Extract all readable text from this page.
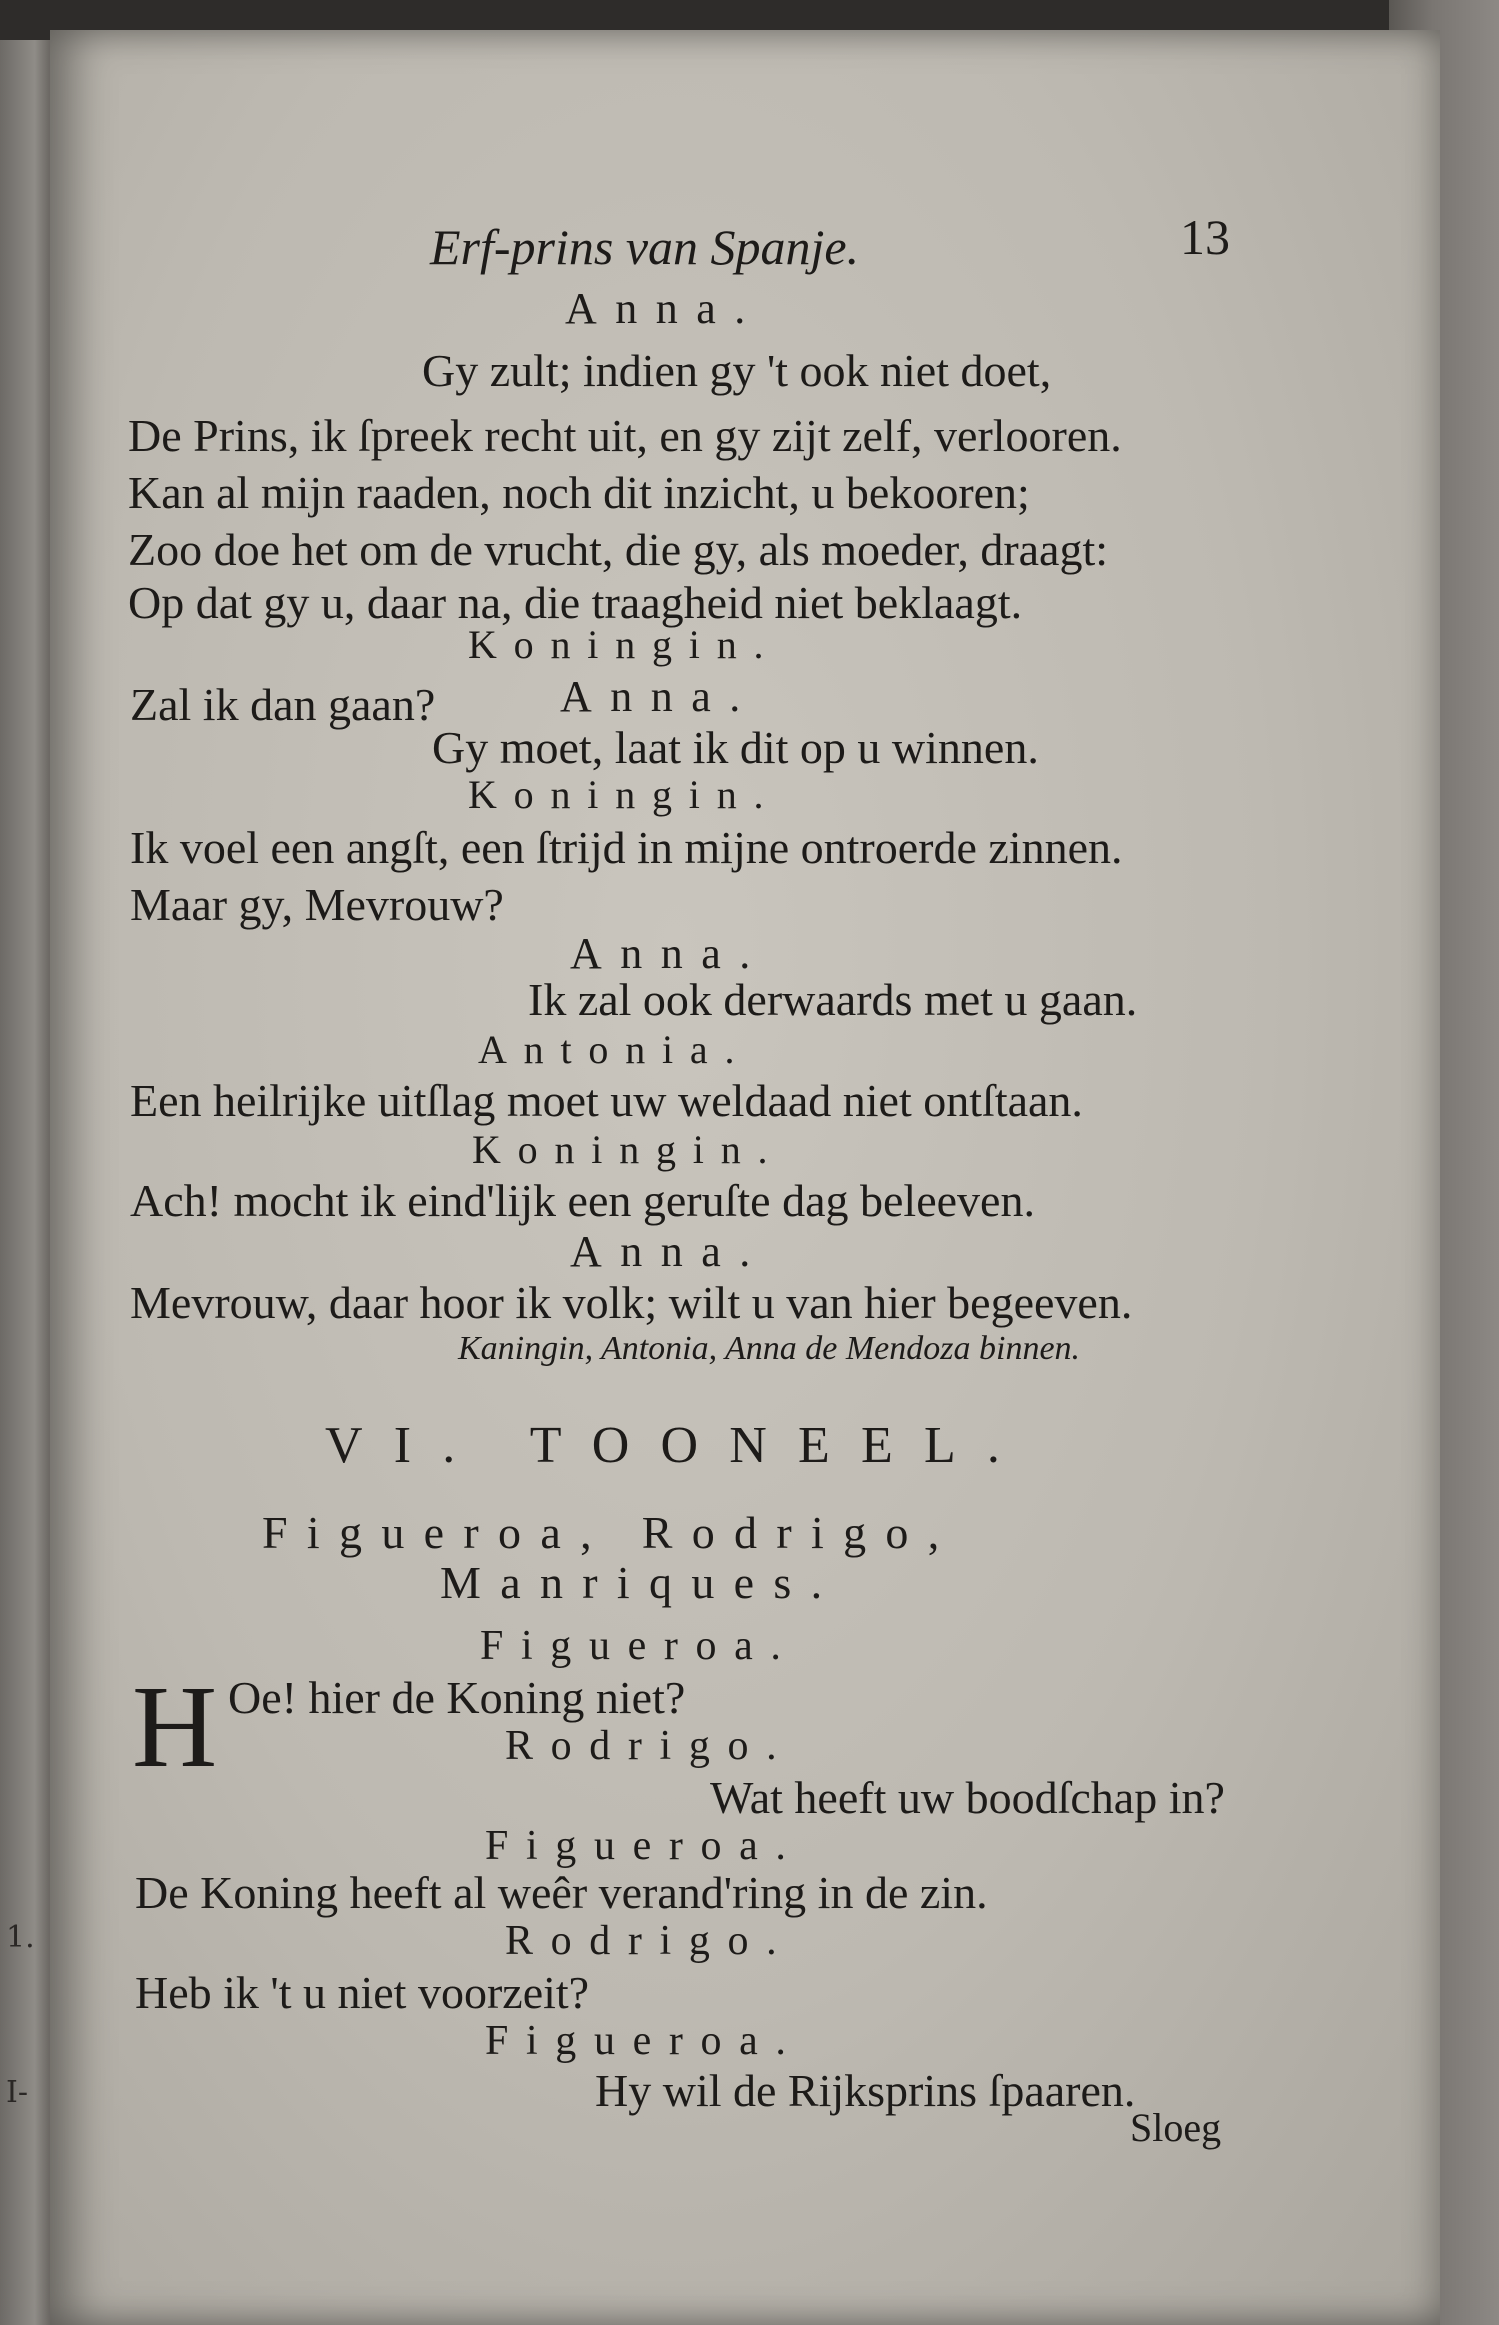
Erf-prins van Spanje.	13

Anna.

Gy zult; indien gy 't ook niet doet,

De Prins, ik ſpreek recht uit, en gy zijt zelf, verlooren.

Kan al mijn raaden, noch dit inzicht, u bekooren;

Zoo doe het om de vrucht, die gy, als moeder, draagt:

Op dat gy u, daar na, die traagheid niet beklaagt.

Koningin.

Zal ik dan gaan?	Anna.

Gy moet, laat ik dit op u winnen.

Koningin.

Ik voel een angſt, een ſtrijd in mijne ontroerde zinnen.

Maar gy, Mevrouw?

Anna.

Ik zal ook derwaards met u gaan.

Antonia.

Een heilrijke uitſlag moet uw weldaad niet ontſtaan.

Koningin.

Ach! mocht ik eind'lijk een geruſte dag beleeven.

Anna.

Mevrouw, daar hoor ik volk; wilt u van hier begeeven.

Kaningin, Antonia, Anna de Mendoza binnen.

VI. TOONEEL.

Figueroa, Rodrigo,

Manriques.

Figueroa.

H Oe! hier de Koning niet?

Rodrigo.

Wat heeft uw boodſchap in?

Figueroa.

De Koning heeft al weêr verand'ring in de zin.

Rodrigo.

Heb ik 't u niet voorzeit?

Figueroa.

Hy wil de Rijksprins ſpaaren.

Sloeg

1.

I-
